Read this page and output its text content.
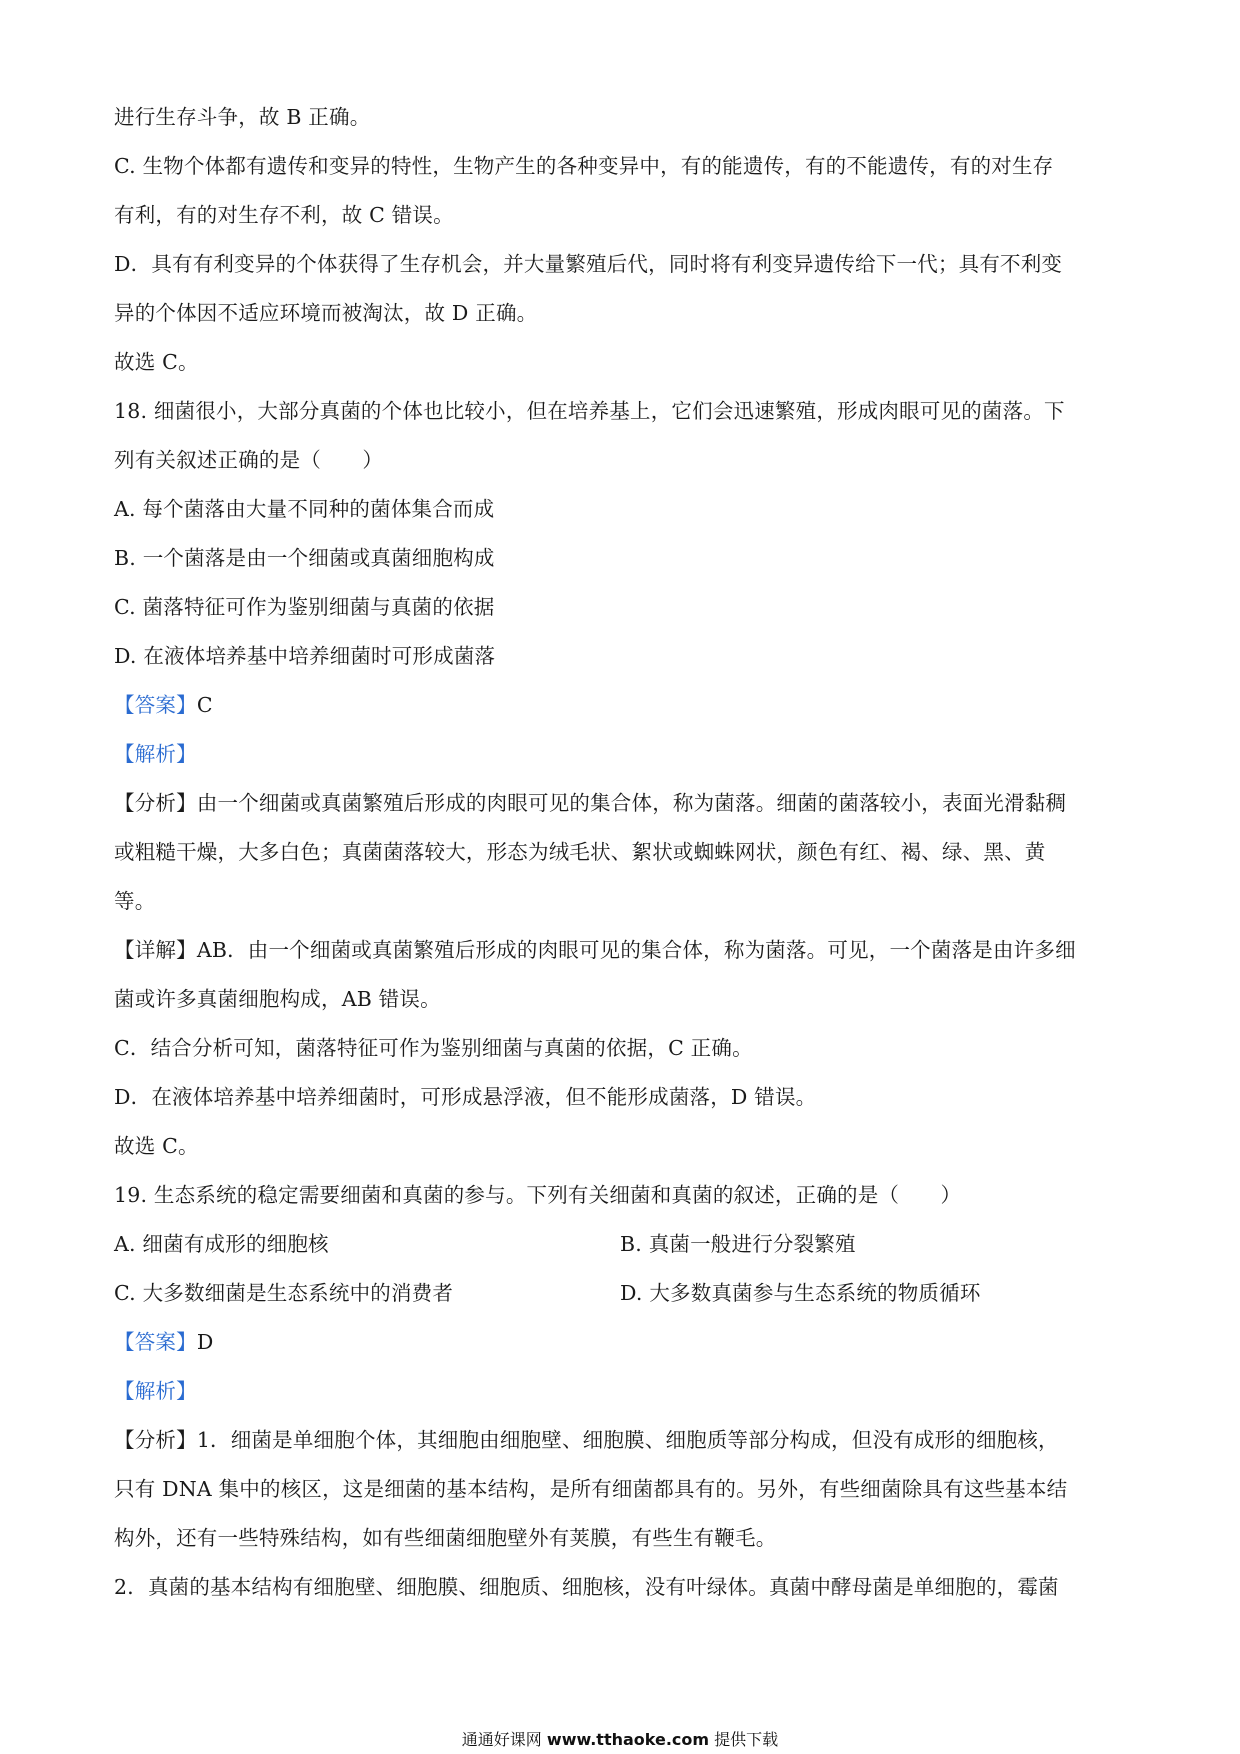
进行生存斗争，故 B 正确。
C. 生物个体都有遗传和变异的特性，生物产生的各种变异中，有的能遗传，有的不能遗传，有的对生存
有利，有的对生存不利，故 C 错误。
D．具有有利变异的个体获得了生存机会，并大量繁殖后代，同时将有利变异遗传给下一代；具有不利变
异的个体因不适应环境而被淘汰，故 D 正确。
故选 C。
18. 细菌很小，大部分真菌的个体也比较小，但在培养基上，它们会迅速繁殖，形成肉眼可见的菌落。下
列有关叙述正确的是（　　）
A. 每个菌落由大量不同种的菌体集合而成
B. 一个菌落是由一个细菌或真菌细胞构成
C. 菌落特征可作为鉴别细菌与真菌的依据
D. 在液体培养基中培养细菌时可形成菌落
【答案】C
【解析】
【分析】由一个细菌或真菌繁殖后形成的肉眼可见的集合体，称为菌落。细菌的菌落较小，表面光滑黏稠
或粗糙干燥，大多白色；真菌菌落较大，形态为绒毛状、絮状或蜘蛛网状，颜色有红、褐、绿、黑、黄
等。
【详解】AB．由一个细菌或真菌繁殖后形成的肉眼可见的集合体，称为菌落。可见，一个菌落是由许多细
菌或许多真菌细胞构成，AB 错误。
C．结合分析可知，菌落特征可作为鉴别细菌与真菌的依据，C 正确。
D．在液体培养基中培养细菌时，可形成悬浮液，但不能形成菌落，D 错误。
故选 C。
19. 生态系统的稳定需要细菌和真菌的参与。下列有关细菌和真菌的叙述，正确的是（　　）
A. 细菌有成形的细胞核	B. 真菌一般进行分裂繁殖
C. 大多数细菌是生态系统中的消费者	D. 大多数真菌参与生态系统的物质循环
【答案】D
【解析】
【分析】1．细菌是单细胞个体，其细胞由细胞壁、细胞膜、细胞质等部分构成，但没有成形的细胞核，
只有 DNA 集中的核区，这是细菌的基本结构，是所有细菌都具有的。另外，有些细菌除具有这些基本结
构外，还有一些特殊结构，如有些细菌细胞壁外有荚膜，有些生有鞭毛。
2．真菌的基本结构有细胞壁、细胞膜、细胞质、细胞核，没有叶绿体。真菌中酵母菌是单细胞的，霉菌
通通好课网 www.tthaoke.com 提供下载
